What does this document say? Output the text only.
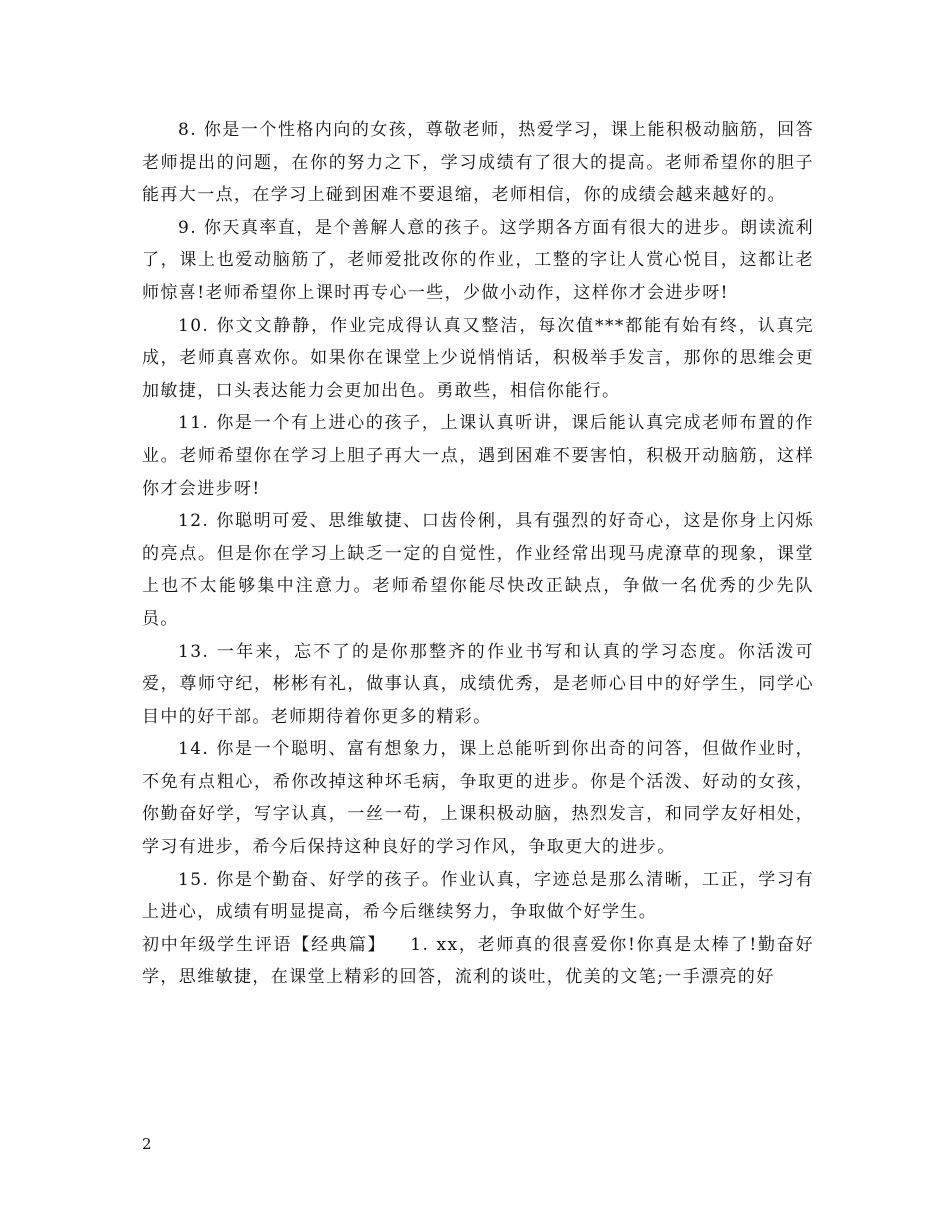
8. 你是一个性格内向的女孩，尊敬老师，热爱学习，课上能积极动脑筋，回答老师提出的问题，在你的努力之下，学习成绩有了很大的提高。老师希望你的胆子能再大一点，在学习上碰到困难不要退缩，老师相信，你的成绩会越来越好的。

9. 你天真率直，是个善解人意的孩子。这学期各方面有很大的进步。朗读流利了，课上也爱动脑筋了，老师爱批改你的作业，工整的字让人赏心悦目，这都让老师惊喜!老师希望你上课时再专心一些，少做小动作，这样你才会进步呀!

10. 你文文静静，作业完成得认真又整洁，每次值***都能有始有终，认真完成，老师真喜欢你。如果你在课堂上少说悄悄话，积极举手发言，那你的思维会更加敏捷，口头表达能力会更加出色。勇敢些，相信你能行。

11. 你是一个有上进心的孩子，上课认真听讲，课后能认真完成老师布置的作业。老师希望你在学习上胆子再大一点，遇到困难不要害怕，积极开动脑筋，这样你才会进步呀!

12. 你聪明可爱、思维敏捷、口齿伶俐，具有强烈的好奇心，这是你身上闪烁的亮点。但是你在学习上缺乏一定的自觉性，作业经常出现马虎潦草的现象，课堂上也不太能够集中注意力。老师希望你能尽快改正缺点，争做一名优秀的少先队员。

13. 一年来，忘不了的是你那整齐的作业书写和认真的学习态度。你活泼可爱，尊师守纪，彬彬有礼，做事认真，成绩优秀，是老师心目中的好学生，同学心目中的好干部。老师期待着你更多的精彩。

14. 你是一个聪明、富有想象力，课上总能听到你出奇的问答，但做作业时，不免有点粗心，希你改掉这种坏毛病，争取更的进步。你是个活泼、好动的女孩，你勤奋好学，写字认真，一丝一苟，上课积极动脑，热烈发言，和同学友好相处，学习有进步，希今后保持这种良好的学习作风，争取更大的进步。

15. 你是个勤奋、好学的孩子。作业认真，字迹总是那么清晰，工正，学习有上进心，成绩有明显提高，希今后继续努力，争取做个好学生。

初中年级学生评语【经典篇】 1. xx，老师真的很喜爱你!你真是太棒了!勤奋好学，思维敏捷，在课堂上精彩的回答，流利的谈吐，优美的文笔;一手漂亮的好

2
